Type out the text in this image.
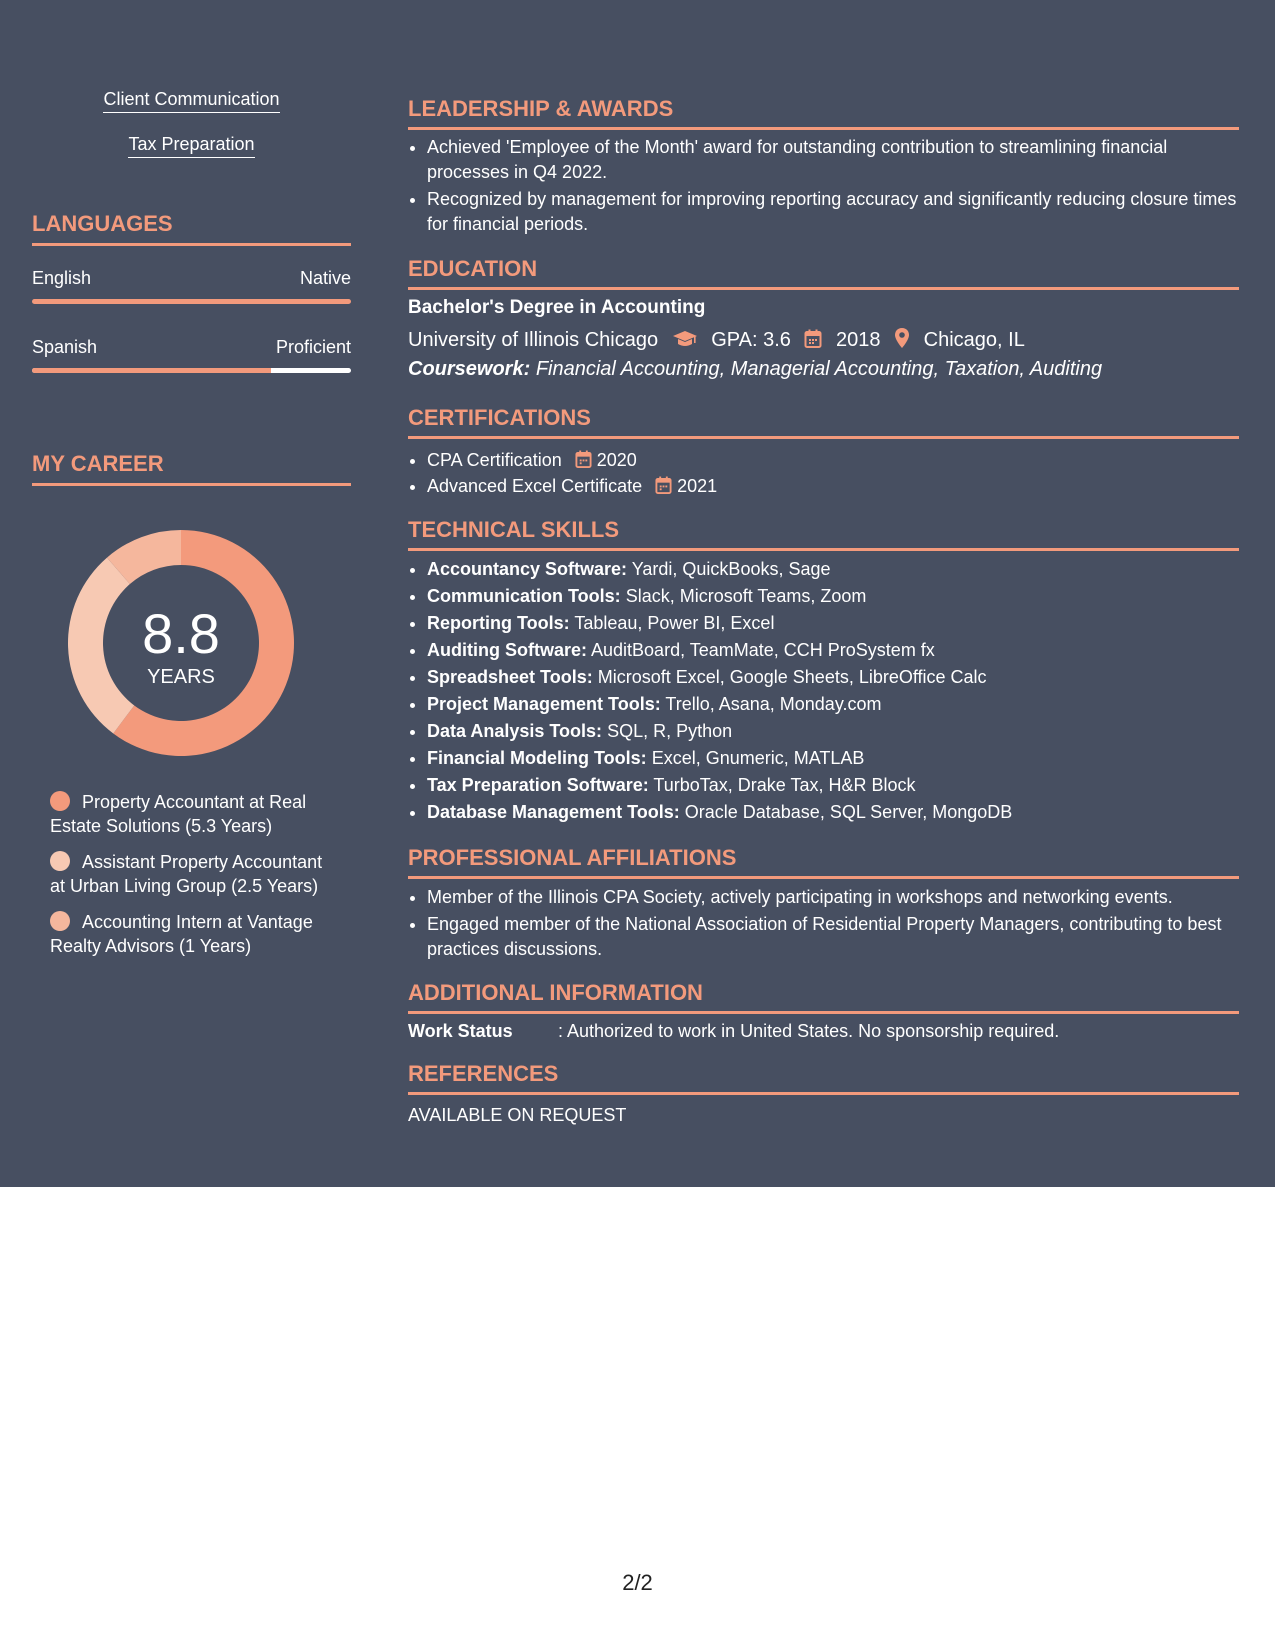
Client Communication
Tax Preparation
LANGUAGES
English	Native
Spanish	Proficient
MY CAREER
8.8
YEARS
Property Accountant at Real Estate Solutions (5.3 Years)
Assistant Property Accountant at Urban Living Group (2.5 Years)
Accounting Intern at Vantage Realty Advisors (1 Years)
LEADERSHIP & AWARDS
• Achieved 'Employee of the Month' award for outstanding contribution to streamlining financial processes in Q4 2022.
• Recognized by management for improving reporting accuracy and significantly reducing closure times for financial periods.
EDUCATION
Bachelor's Degree in Accounting
University of Illinois Chicago	GPA: 3.6 2018 Chicago, IL
Coursework: Financial Accounting, Managerial Accounting, Taxation, Auditing
CERTIFICATIONS
• CPA Certification 2020
• Advanced Excel Certificate 2021
TECHNICAL SKILLS
• Accountancy Software: Yardi, QuickBooks, Sage
• Communication Tools: Slack, Microsoft Teams, Zoom
• Reporting Tools: Tableau, Power BI, Excel
• Auditing Software: AuditBoard, TeamMate, CCH ProSystem fx
• Spreadsheet Tools: Microsoft Excel, Google Sheets, LibreOffice Calc
• Project Management Tools: Trello, Asana, Monday.com
• Data Analysis Tools: SQL, R, Python
• Financial Modeling Tools: Excel, Gnumeric, MATLAB
• Tax Preparation Software: TurboTax, Drake Tax, H&R Block
• Database Management Tools: Oracle Database, SQL Server, MongoDB
PROFESSIONAL AFFILIATIONS
• Member of the Illinois CPA Society, actively participating in workshops and networking events.
• Engaged member of the National Association of Residential Property Managers, contributing to best practices discussions.
ADDITIONAL INFORMATION
Work Status	: Authorized to work in United States. No sponsorship required.
REFERENCES
AVAILABLE ON REQUEST
2/2
